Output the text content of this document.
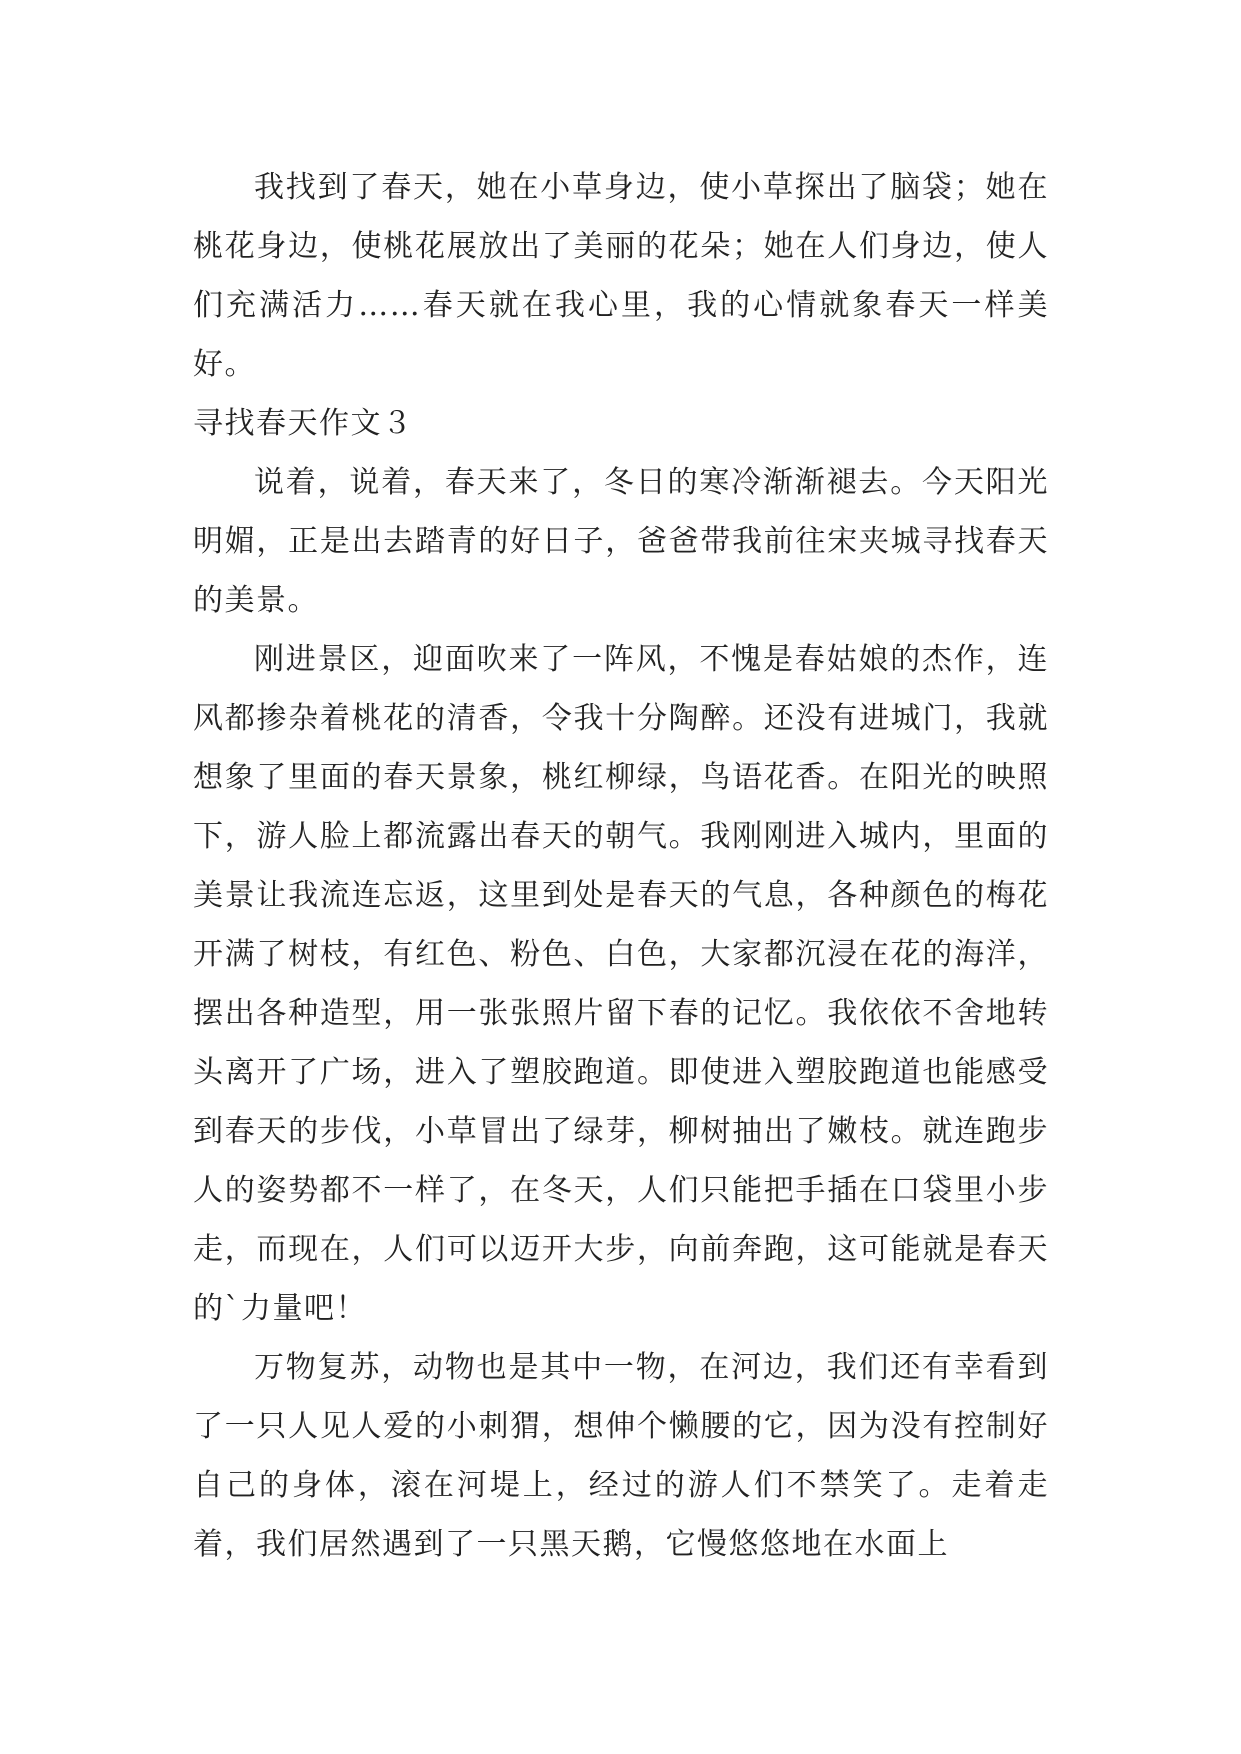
我找到了春天，她在小草身边，使小草探出了脑袋；她在桃花身边，使桃花展放出了美丽的花朵；她在人们身边，使人们充满活力……春天就在我心里，我的心情就象春天一样美好。

寻找春天作文３

说着，说着，春天来了，冬日的寒冷渐渐褪去。今天阳光明媚，正是出去踏青的好日子，爸爸带我前往宋夹城寻找春天的美景。

刚进景区，迎面吹来了一阵风，不愧是春姑娘的杰作，连风都掺杂着桃花的清香，令我十分陶醉。还没有进城门，我就想象了里面的春天景象，桃红柳绿，鸟语花香。在阳光的映照下，游人脸上都流露出春天的朝气。我刚刚进入城内，里面的美景让我流连忘返，这里到处是春天的气息，各种颜色的梅花开满了树枝，有红色、粉色、白色，大家都沉浸在花的海洋，摆出各种造型，用一张张照片留下春的记忆。我依依不舍地转头离开了广场，进入了塑胶跑道。即使进入塑胶跑道也能感受到春天的步伐，小草冒出了绿芽，柳树抽出了嫩枝。就连跑步人的姿势都不一样了，在冬天，人们只能把手插在口袋里小步走，而现在，人们可以迈开大步，向前奔跑，这可能就是春天的`力量吧！

万物复苏，动物也是其中一物，在河边，我们还有幸看到了一只人见人爱的小刺猬，想伸个懒腰的它，因为没有控制好自己的身体，滚在河堤上，经过的游人们不禁笑了。走着走着，我们居然遇到了一只黑天鹅，它慢悠悠地在水面上
